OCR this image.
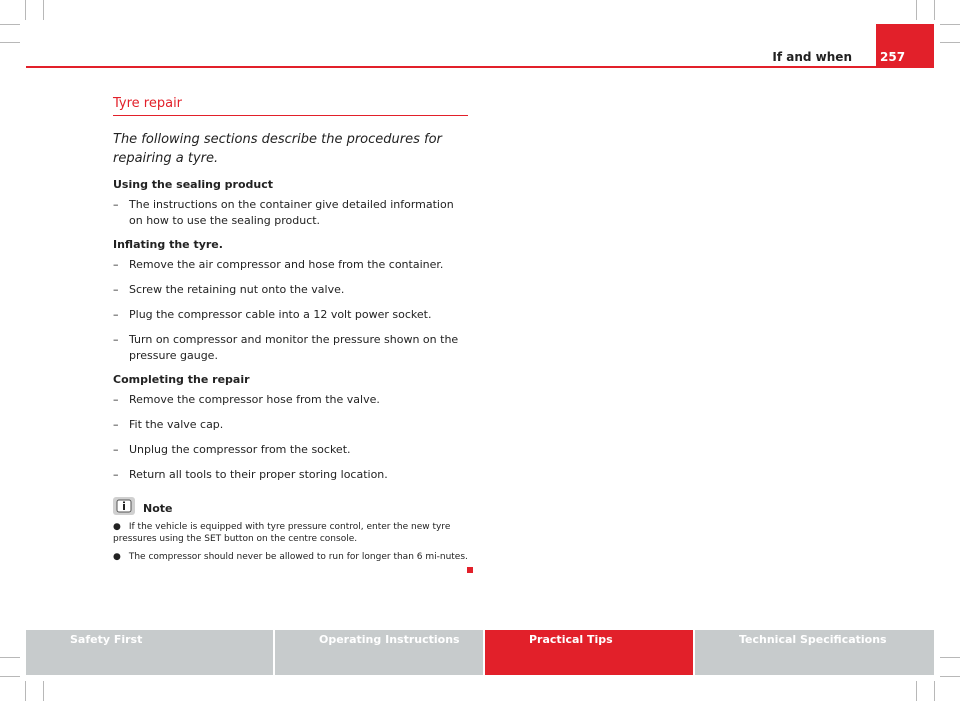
If and when 257
Tyre repair

The following sections describe the procedures for repairing a tyre.

Using the sealing product
– The instructions on the container give detailed information on how to use the sealing product.
Inflating the tyre.
– Remove the air compressor and hose from the container.
– Screw the retaining nut onto the valve.
– Plug the compressor cable into a 12 volt power socket.
– Turn on compressor and monitor the pressure shown on the pressure gauge.
Completing the repair
– Remove the compressor hose from the valve.
– Fit the valve cap.
– Unplug the compressor from the socket.
– Return all tools to their proper storing location.
Note
● If the vehicle is equipped with tyre pressure control, enter the new tyre pressures using the SET button on the centre console.
● The compressor should never be allowed to run for longer than 6 mi-nutes.
Safety First	Operating Instructions	Practical Tips	Technical Specifications
